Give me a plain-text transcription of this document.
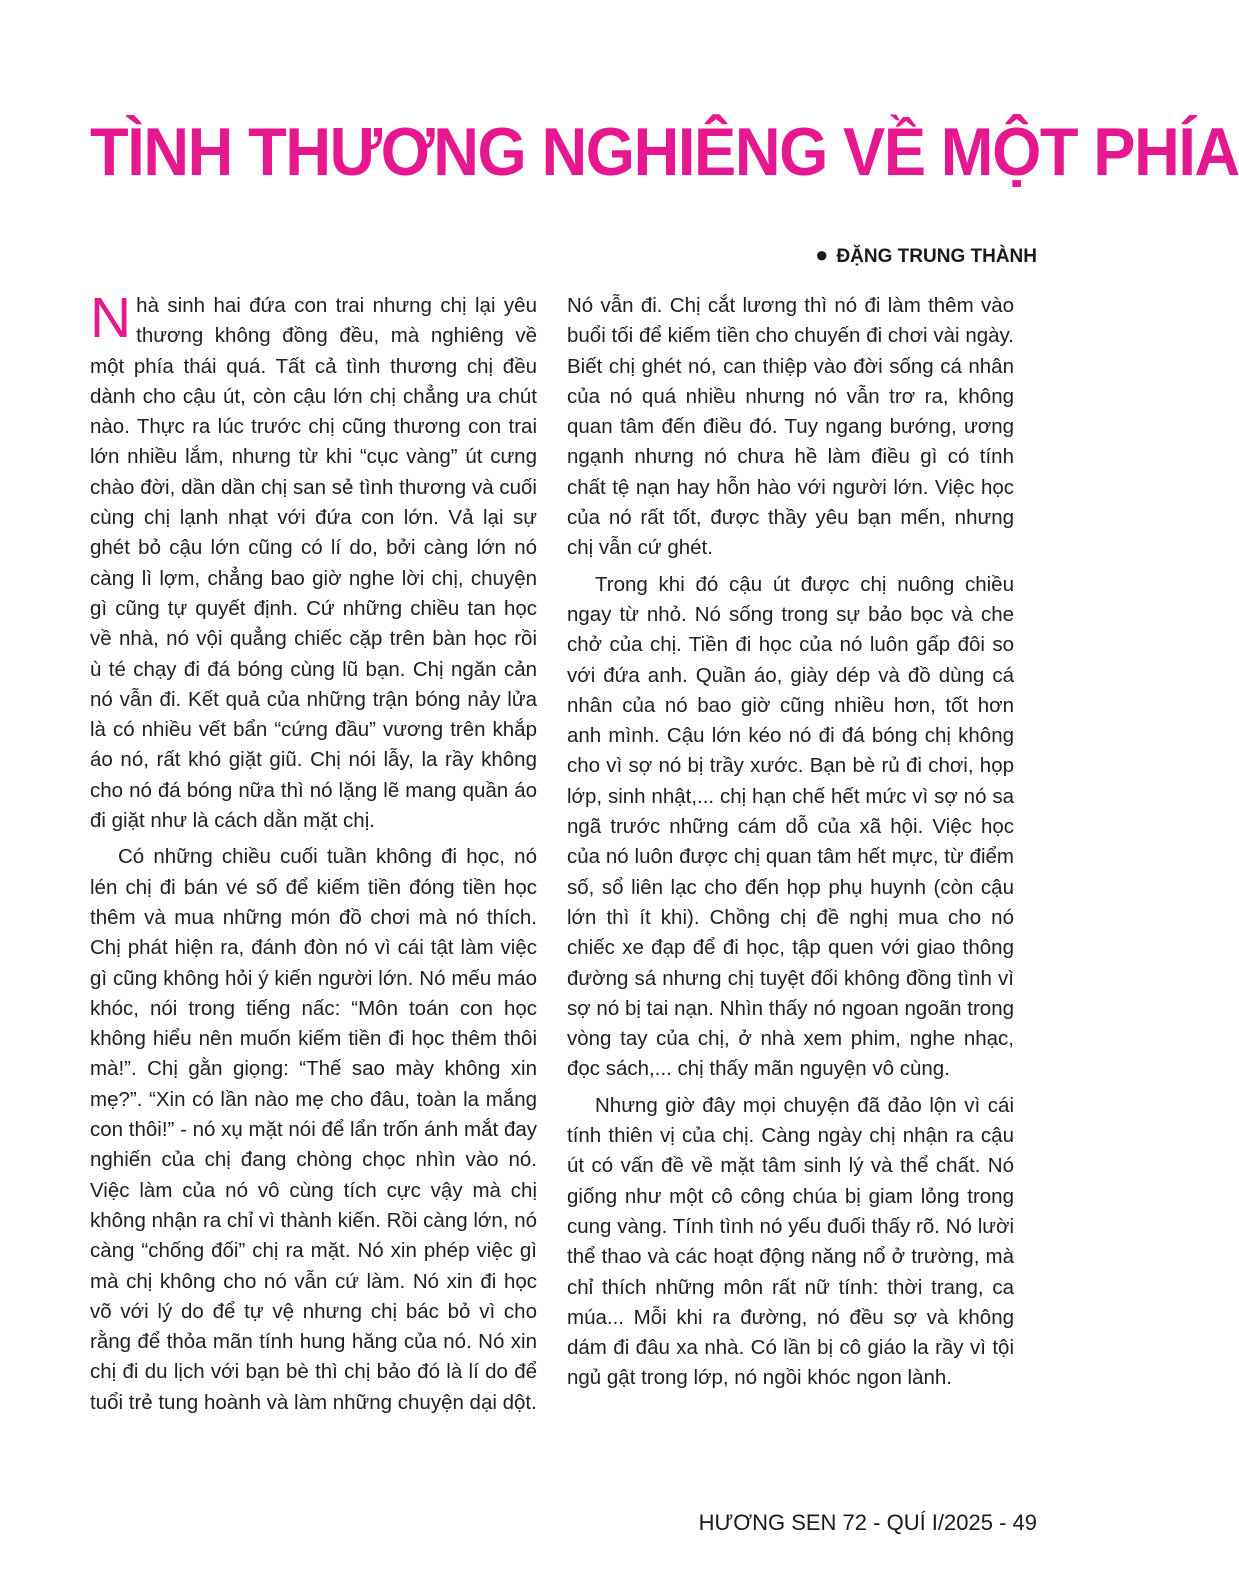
TÌNH THƯƠNG NGHIÊNG VỀ MỘT PHÍA
● ĐẶNG TRUNG THÀNH

Nhà sinh hai đứa con trai nhưng chị lại yêu thương không đồng đều, mà nghiêng về một phía thái quá. Tất cả tình thương chị đều dành cho cậu út, còn cậu lớn chị chẳng ưa chút nào. Thực ra lúc trước chị cũng thương con trai lớn nhiều lắm, nhưng từ khi “cục vàng” út cưng chào đời, dần dần chị san sẻ tình thương và cuối cùng chị lạnh nhạt với đứa con lớn. Vả lại sự ghét bỏ cậu lớn cũng có lí do, bởi càng lớn nó càng lì lợm, chẳng bao giờ nghe lời chị, chuyện gì cũng tự quyết định. Cứ những chiều tan học về nhà, nó vội quẳng chiếc cặp trên bàn học rồi ù té chạy đi đá bóng cùng lũ bạn. Chị ngăn cản nó vẫn đi. Kết quả của những trận bóng nảy lửa là có nhiều vết bẩn “cứng đầu” vương trên khắp áo nó, rất khó giặt giũ. Chị nói lẫy, la rầy không cho nó đá bóng nữa thì nó lặng lẽ mang quần áo đi giặt như là cách dằn mặt chị.

Có những chiều cuối tuần không đi học, nó lén chị đi bán vé số để kiếm tiền đóng tiền học thêm và mua những món đồ chơi mà nó thích. Chị phát hiện ra, đánh đòn nó vì cái tật làm việc gì cũng không hỏi ý kiến người lớn. Nó mếu máo khóc, nói trong tiếng nấc: “Môn toán con học không hiểu nên muốn kiếm tiền đi học thêm thôi mà!”. Chị gằn giọng: “Thế sao mày không xin mẹ?”. “Xin có lần nào mẹ cho đâu, toàn la mắng con thôi!” - nó xụ mặt nói để lẩn trốn ánh mắt đay nghiến của chị đang chòng chọc nhìn vào nó. Việc làm của nó vô cùng tích cực vậy mà chị không nhận ra chỉ vì thành kiến. Rồi càng lớn, nó càng “chống đối” chị ra mặt. Nó xin phép việc gì mà chị không cho nó vẫn cứ làm. Nó xin đi học võ với lý do để tự vệ nhưng chị bác bỏ vì cho rằng để thỏa mãn tính hung hăng của nó. Nó xin chị đi du lịch với bạn bè thì chị bảo đó là lí do để tuổi trẻ tung hoành và làm những chuyện dại dột.

Nó vẫn đi. Chị cắt lương thì nó đi làm thêm vào buổi tối để kiếm tiền cho chuyến đi chơi vài ngày. Biết chị ghét nó, can thiệp vào đời sống cá nhân của nó quá nhiều nhưng nó vẫn trơ ra, không quan tâm đến điều đó. Tuy ngang bướng, ương ngạnh nhưng nó chưa hề làm điều gì có tính chất tệ nạn hay hỗn hào với người lớn. Việc học của nó rất tốt, được thầy yêu bạn mến, nhưng chị vẫn cứ ghét.

Trong khi đó cậu út được chị nuông chiều ngay từ nhỏ. Nó sống trong sự bảo bọc và che chở của chị. Tiền đi học của nó luôn gấp đôi so với đứa anh. Quần áo, giày dép và đồ dùng cá nhân của nó bao giờ cũng nhiều hơn, tốt hơn anh mình. Cậu lớn kéo nó đi đá bóng chị không cho vì sợ nó bị trầy xước. Bạn bè rủ đi chơi, họp lớp, sinh nhật,... chị hạn chế hết mức vì sợ nó sa ngã trước những cám dỗ của xã hội. Việc học của nó luôn được chị quan tâm hết mực, từ điểm số, sổ liên lạc cho đến họp phụ huynh (còn cậu lớn thì ít khi). Chồng chị đề nghị mua cho nó chiếc xe đạp để đi học, tập quen với giao thông đường sá nhưng chị tuyệt đối không đồng tình vì sợ nó bị tai nạn. Nhìn thấy nó ngoan ngoãn trong vòng tay của chị, ở nhà xem phim, nghe nhạc, đọc sách,... chị thấy mãn nguyện vô cùng.

Nhưng giờ đây mọi chuyện đã đảo lộn vì cái tính thiên vị của chị. Càng ngày chị nhận ra cậu út có vấn đề về mặt tâm sinh lý và thể chất. Nó giống như một cô công chúa bị giam lỏng trong cung vàng. Tính tình nó yếu đuối thấy rõ. Nó lười thể thao và các hoạt động năng nổ ở trường, mà chỉ thích những môn rất nữ tính: thời trang, ca múa... Mỗi khi ra đường, nó đều sợ và không dám đi đâu xa nhà. Có lần bị cô giáo la rầy vì tội ngủ gật trong lớp, nó ngồi khóc ngon lành.

HƯƠNG SEN 72 - QUÍ I/2025 - 49
